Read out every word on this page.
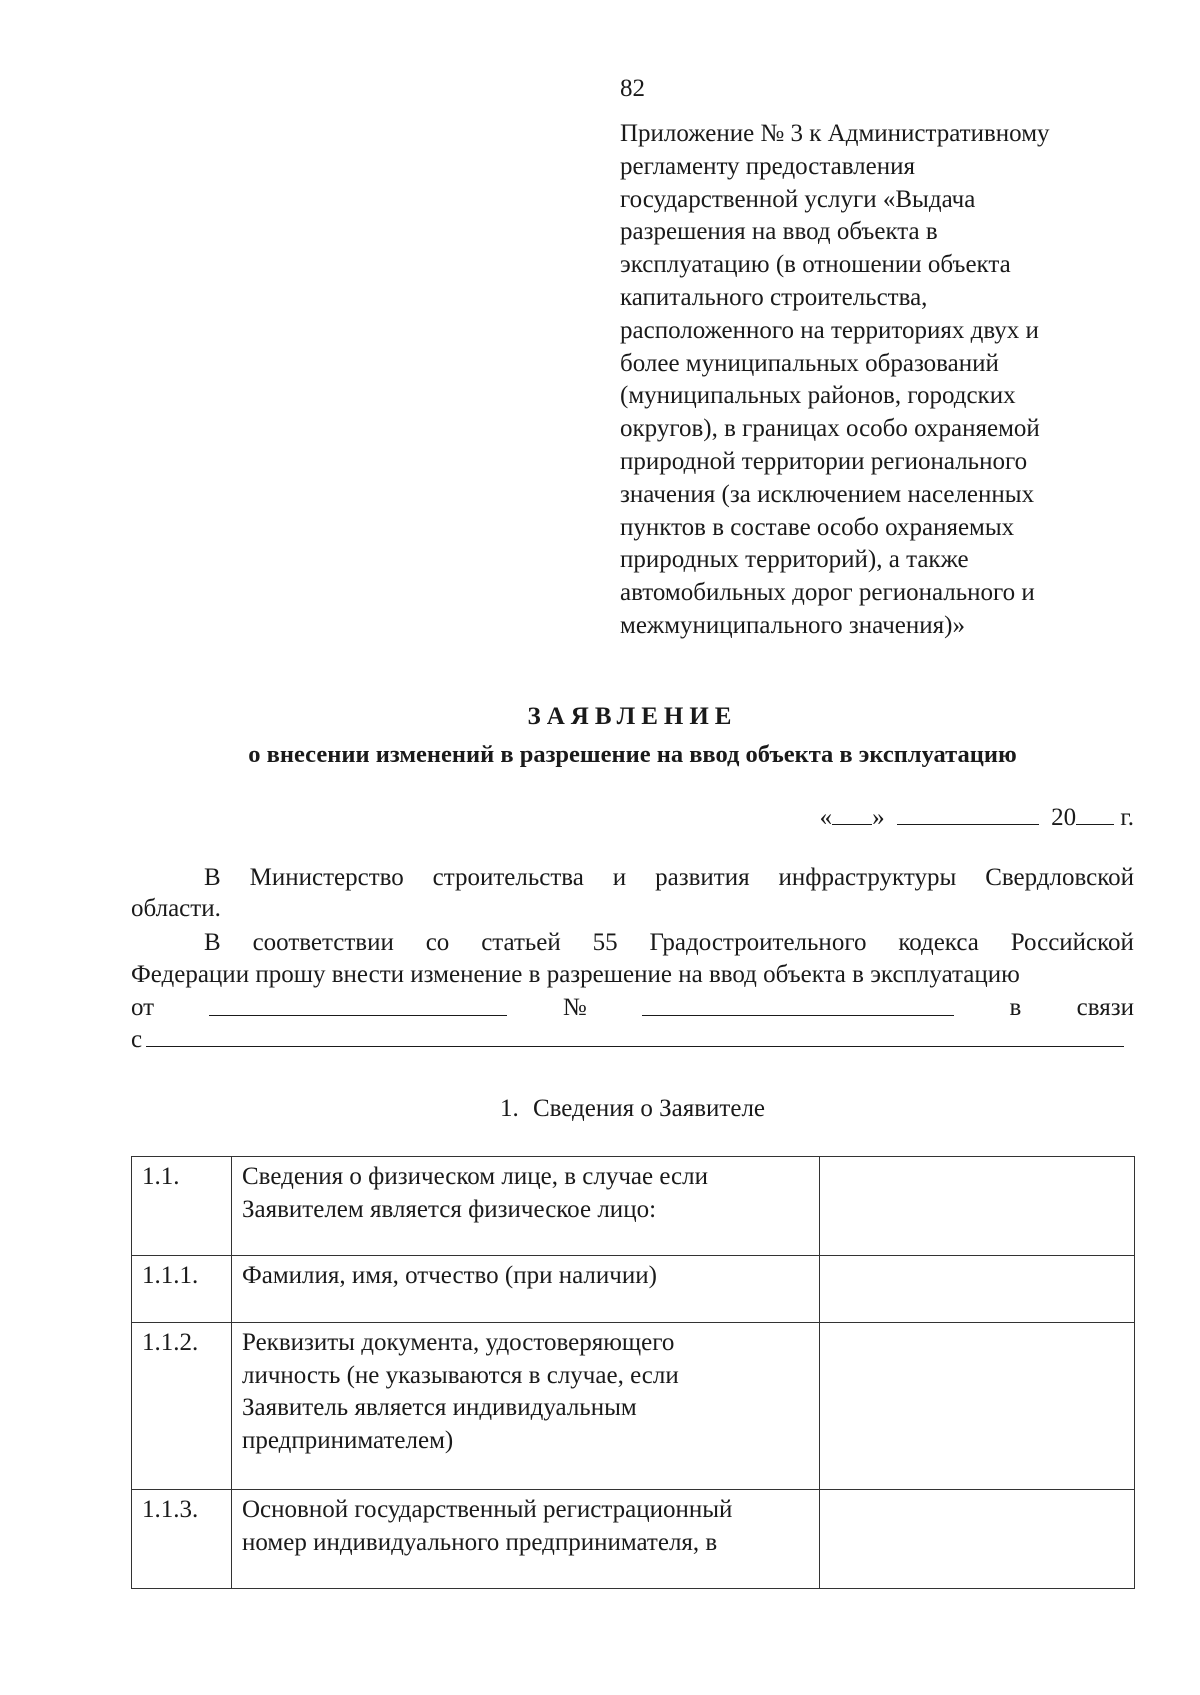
82
Приложение № 3 к Административному
регламенту предоставления
государственной услуги «Выдача
разрешения на ввод объекта в
эксплуатацию (в отношении объекта
капитального строительства,
расположенного на территориях двух и
более муниципальных образований
(муниципальных районов, городских
округов), в границах особо охраняемой
природной территории регионального
значения (за исключением населенных
пунктов в составе особо охраняемых
природных территорий), а также
автомобильных дорог регионального и
межмуниципального значения)»
ЗАЯВЛЕНИЕ
о внесении изменений в разрешение на ввод объекта в эксплуатацию
« »	20 г.
В Министерство строительства и развития инфраструктуры Свердловской
области.
В соответствии со статьей 55 Градостроительного кодекса Российской
Федерации прошу внести изменение в разрешение на ввод объекта в эксплуатацию
от	№	в связи
с
1. Сведения о Заявителе
1.1.	Сведения о физическом лице, в случае если
Заявителем является физическое лицо:	

1.1.1.	Фамилия, имя, отчество (при наличии)	

1.1.2.	Реквизиты документа, удостоверяющего
личность (не указываются в случае, если
Заявитель является индивидуальным
предпринимателем)	

1.1.3.	Основной государственный регистрационный
номер индивидуального предпринимателя, в	
